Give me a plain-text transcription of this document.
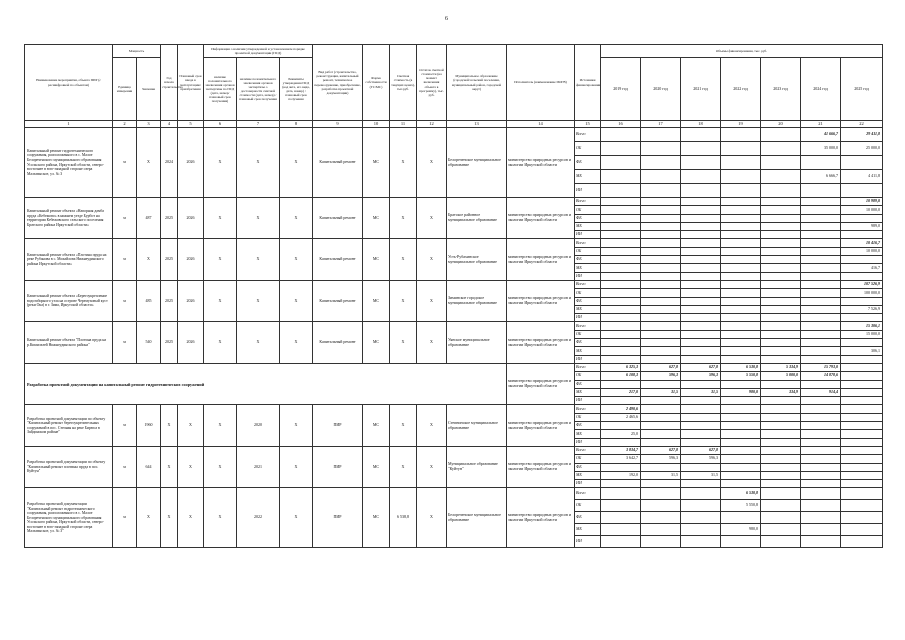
6
Наименование мероприятия, объекта ППР (с расшифровкой по объектам)	Мощность		Год начала строительства	Плановый срок ввода в эксплуатацию/приобретения	Информация о наличии утвержденной и установленном порядке проектной документации (ПСД)			Вид работ (строительство, реконструкция, капитальный ремонт, техническое перевооружение, приобретение, разработка проектной документации)	Форма собственности (ГС/МС)	Сметная стоимость (в текущих ценах), тыс.руб.	Остаток сметной стоимости (на момент включения объекта в программу), тыс. руб.	Муниципальное образование (городской/сельский поселения, муниципальный район, городской округ)	Исполнитель (наименование ИОГВ)	Источники финансирования	Объемы финансирования, тыс. руб.						
	Единица измерения	Значение			наличие положительного заключения органов экспертизы по ПСД (дата, номер/плановый срок получения)	наличие положительного заключения органов экспертизы о достоверности сметной стоимости (дата, номер) / плановый срок получения	Реквизиты утверждения ПСД (код акта, его вида, дата, номер) / плановый срок получения								2019 год	2020 год	2021 год	2022 год	2023 год	2024 год	2025 год

1	2	3	4	5	6	7	8	9	10	11	12	13	14	15	16	17	18	19	20	21	22
Капитальный ремонт гидротехнического сооружения, расположенного в с. Малое Белореченского муниципального образования Усольского района, Иркутской области, северо-восточнее в юго-западной стороне озера Мальтинское, ул. № 3	м	Х	2024	2026	Х	Х	Х	Капитальный ремонт	МС	Х	Х	Белореченское муниципальное образование	министерство природных ресурсов и экологии Иркутской области	Всего						41 666,7	29 411,8
														ОБ						35 000,0	25 000,0
														ФБ							
														МБ						6 666,7	4 411,8
														ИИ							
Капитальный ремонт объекта «Напорная дамба пруда «Кебежово» в нижнем уезде Бурбот на территории Кебежовского сельского поселения Братского района Иркутской области»	м	487	2025	2026	Х	Х	Х	Капитальный ремонт	МС	Х	Х	Братское районное муниципальное образование	министерство природных ресурсов и экологии Иркутской области	Всего							10 989,0
														ОБ							10 000,0
														ФБ							
														МБ							989,0
														ИИ							
Капитальный ремонт объекта «Плотина пруда на реке Рубанова в с. Михайлова Нижнеудинского района Иркутской области»	м	Х	2025	2026	Х	Х	Х	Капитальный ремонт	МС	Х	Х	Усть-Рубахинское муниципальное образование	министерство природных ресурсов и экологии Иркутской области	Всего							10 416,7
														ОБ							10 000,0
														ФБ							
														МБ							416,7
														ИИ							
Капитальный ремонт объекта «Берегоукрепление водозаборного узла на острове Черемуховый куст (реки Ока) в г. Зима, Иркутской области»	м	485	2025	2026	Х	Х	Х	Капитальный ремонт	МС	Х	Х	Зиминское городское муниципальное образование	министерство природных ресурсов и экологии Иркутской области	Всего							107 526,9
														ОБ							100 000,0
														ФБ							
														МБ							7 526,9
														ИИ							
Капитальный ремонт объекта "Плотина пруда на р.Кимильтей Нижнеудинского района"	м	540	2025	2026	Х	Х	Х	Капитальный ремонт	МС	Х	Х	Уянское муниципальное образование	министерство природных ресурсов и экологии Иркутской области	Всего							15 306,1
														ОБ							15 000,0
														ФБ							
														МБ							306,1
														ИИ							
Разработка проектной документации на капитальный ремонт гидротехнических сооружений													министерство природных ресурсов и экологии Иркутской области	Всего	6 325,3	627,8	627,8	6 530,8	5 334,9	15 793,0	
														ОБ	6 108,3	596,3	596,3	5 550,8	5 000,0	14 878,6	
														ФБ							
														МБ	217,0	31,5	31,5	980,0	334,9	914,4	
														ИИ							
Разработка проектной документации по объекту "Капитальный ремонт берегоукрепительных сооружений в пос. Степная на реке Бирюса в Зайдинском районе"	м	1960	Х	Х	Х	2020	Х	ПИР	МС	Х	Х	Степнинское муниципальное образование	министерство природных ресурсов и экологии Иркутской области	Всего	2 490,6						
														ОБ	2 465,6						
														ФБ							
														МБ	25,0						
														ИИ							
Разработка проектной документации по объекту "Капитальный ремонт плотины пруда в пос. Куйтун"	м	644	Х	Х	Х	2021	Х	ПИР	МС	Х	Х	Муниципальное образование "Куйтун"	министерство природных ресурсов и экологии Иркутской области	Всего	3 834,7	627,8	627,8				
														ОБ	3 642,7	596,3	596,3				
														ФБ							
														МБ	192,0	31,5	31,5				
														ИИ							
Разработка проектной документации "Капитальный ремонт гидротехнического сооружения, расположенного в с. Малое Белореченского муниципального образования Усольского района, Иркутской области, северо-восточнее в юго-западной стороне озера Мальтинское, ул. № 3"	м	Х	Х	Х	Х	2022	Х	ПИР	МС	6 538,8	Х	Белореченское муниципальное образование	министерство природных ресурсов и экологии Иркутской области	Всего				6 530,8			
														ОБ				5 550,8			
														ФБ							
														МБ				980,0			
														ИИ							
